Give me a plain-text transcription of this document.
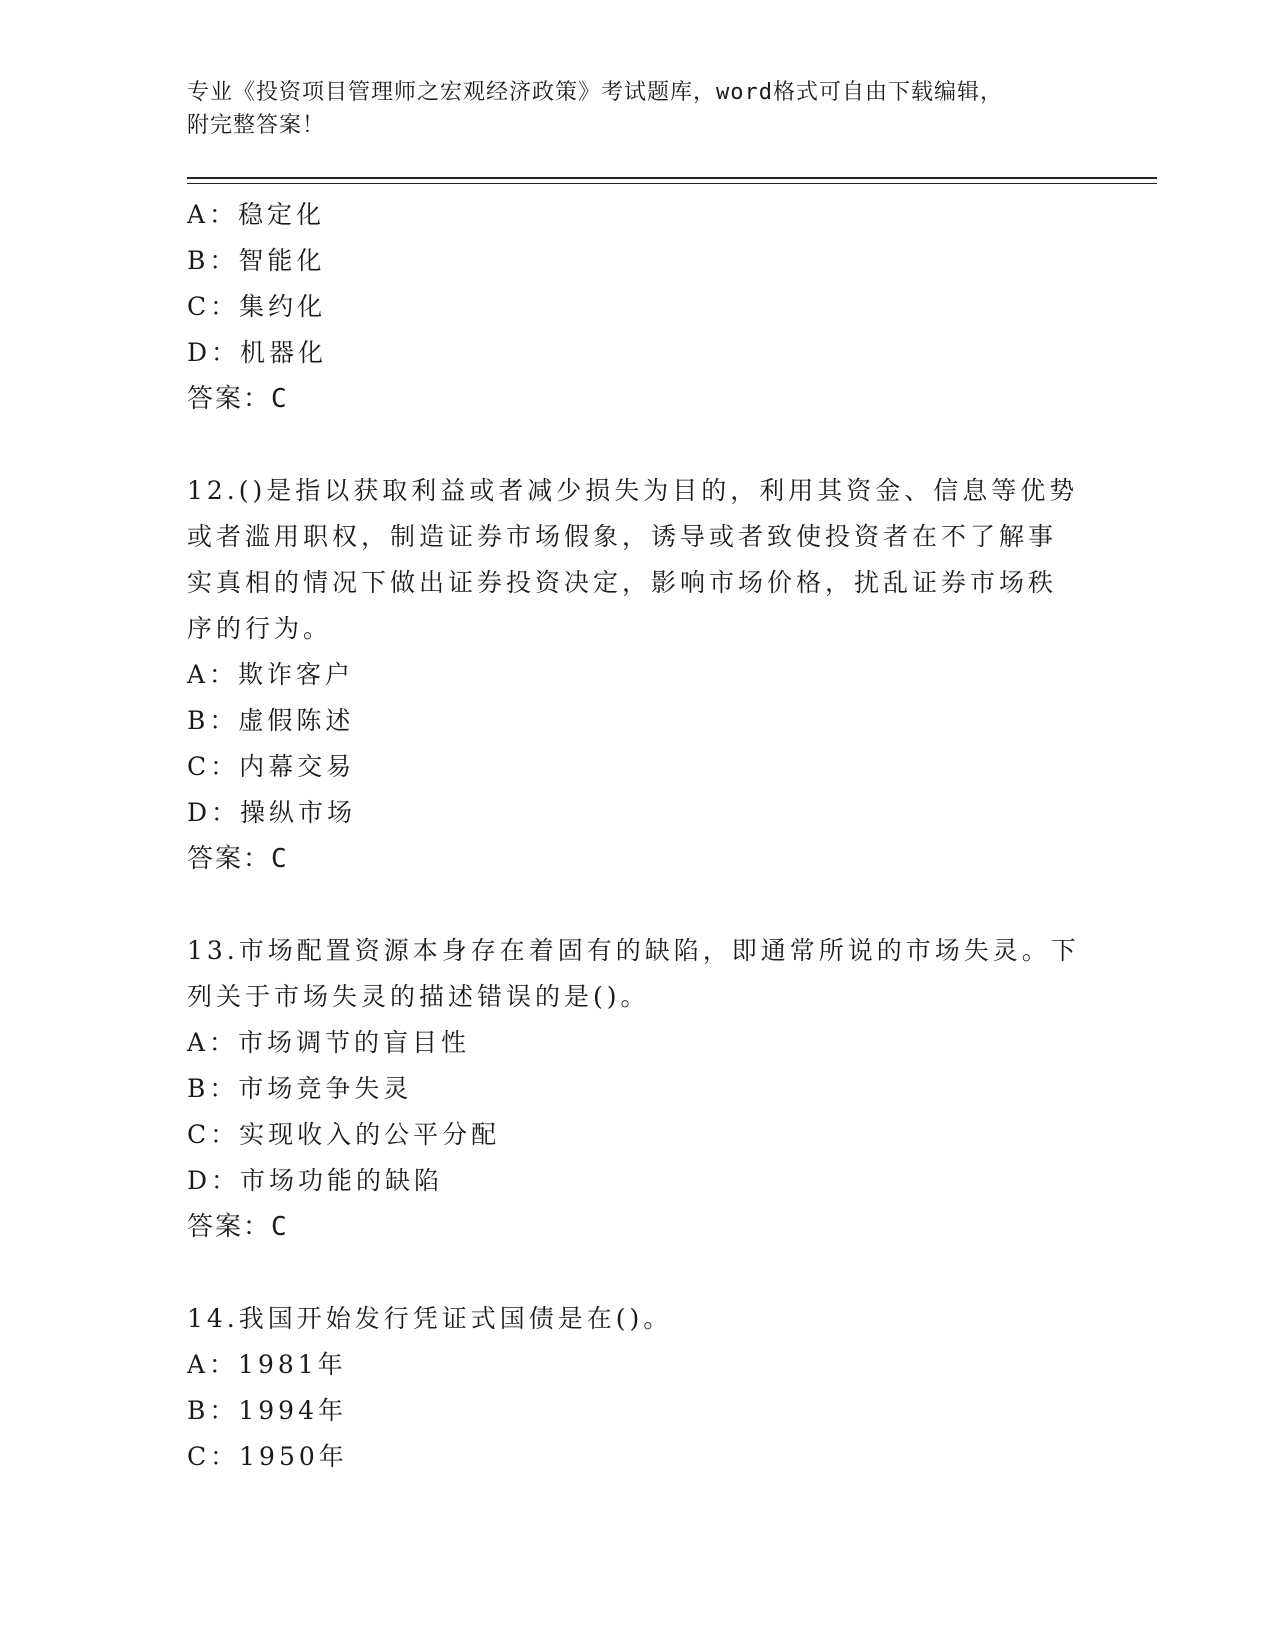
专业《投资项目管理师之宏观经济政策》考试题库，word格式可自由下载编辑，
附完整答案！
A：稳定化
B：智能化
C：集约化
D：机器化
答案：C
12.()是指以获取利益或者减少损失为目的，利用其资金、信息等优势
或者滥用职权，制造证券市场假象，诱导或者致使投资者在不了解事
实真相的情况下做出证券投资决定，影响市场价格，扰乱证券市场秩
序的行为。
A：欺诈客户
B：虚假陈述
C：内幕交易
D：操纵市场
答案：C
13.市场配置资源本身存在着固有的缺陷，即通常所说的市场失灵。下
列关于市场失灵的描述错误的是()。
A：市场调节的盲目性
B：市场竞争失灵
C：实现收入的公平分配
D：市场功能的缺陷
答案：C
14.我国开始发行凭证式国债是在()。
A：1981年
B：1994年
C：1950年
